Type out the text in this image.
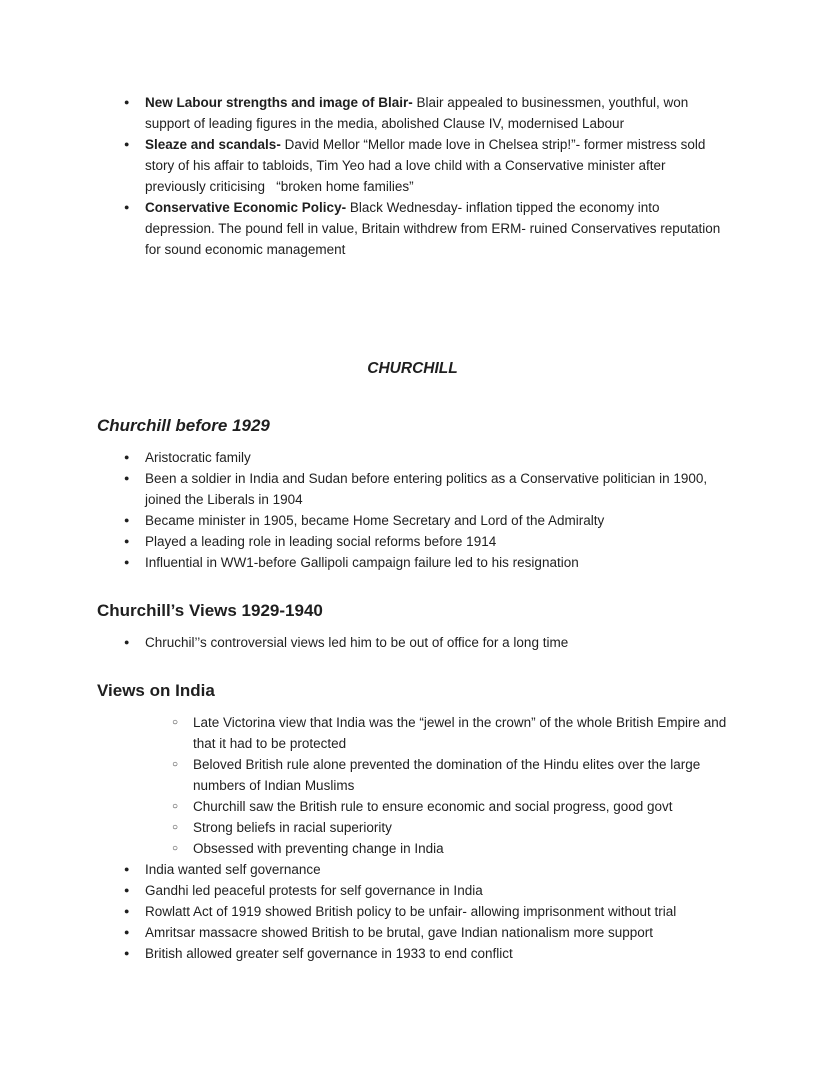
●	New Labour strengths and image of Blair- Blair appealed to businessmen, youthful, won support of leading figures in the media, abolished Clause IV, modernised Labour

●	Sleaze and scandals- David Mellor “Mellor made love in Chelsea strip!”- former mistress sold story of his affair to tabloids, Tim Yeo had a love child with a Conservative minister after previously criticising   “broken home families”

●	Conservative Economic Policy- Black Wednesday- inflation tipped the economy into depression. The pound fell in value, Britain withdrew from ERM- ruined Conservatives reputation for sound economic management

CHURCHILL
Churchill before 1929
●	Aristocratic family

●	Been a soldier in India and Sudan before entering politics as a Conservative politician in 1900, joined the Liberals in 1904

●	Became minister in 1905, became Home Secretary and Lord of the Admiralty

●	Played a leading role in leading social reforms before 1914

●	Influential in WW1-before Gallipoli campaign failure led to his resignation

Churchill’s Views 1929-1940
●	Chruchil’’s controversial views led him to be out of office for a long time

Views on India
○	Late Victorina view that India was the “jewel in the crown” of the whole British Empire and that it had to be protected

○	Beloved British rule alone prevented the domination of the Hindu elites over the large numbers of Indian Muslims

○	Churchill saw the British rule to ensure economic and social progress, good govt

○	Strong beliefs in racial superiority

○	Obsessed with preventing change in India

●	India wanted self governance

●	Gandhi led peaceful protests for self governance in India

●	Rowlatt Act of 1919 showed British policy to be unfair- allowing imprisonment without trial

●	Amritsar massacre showed British to be brutal, gave Indian nationalism more support

●	British allowed greater self governance in 1933 to end conflict
